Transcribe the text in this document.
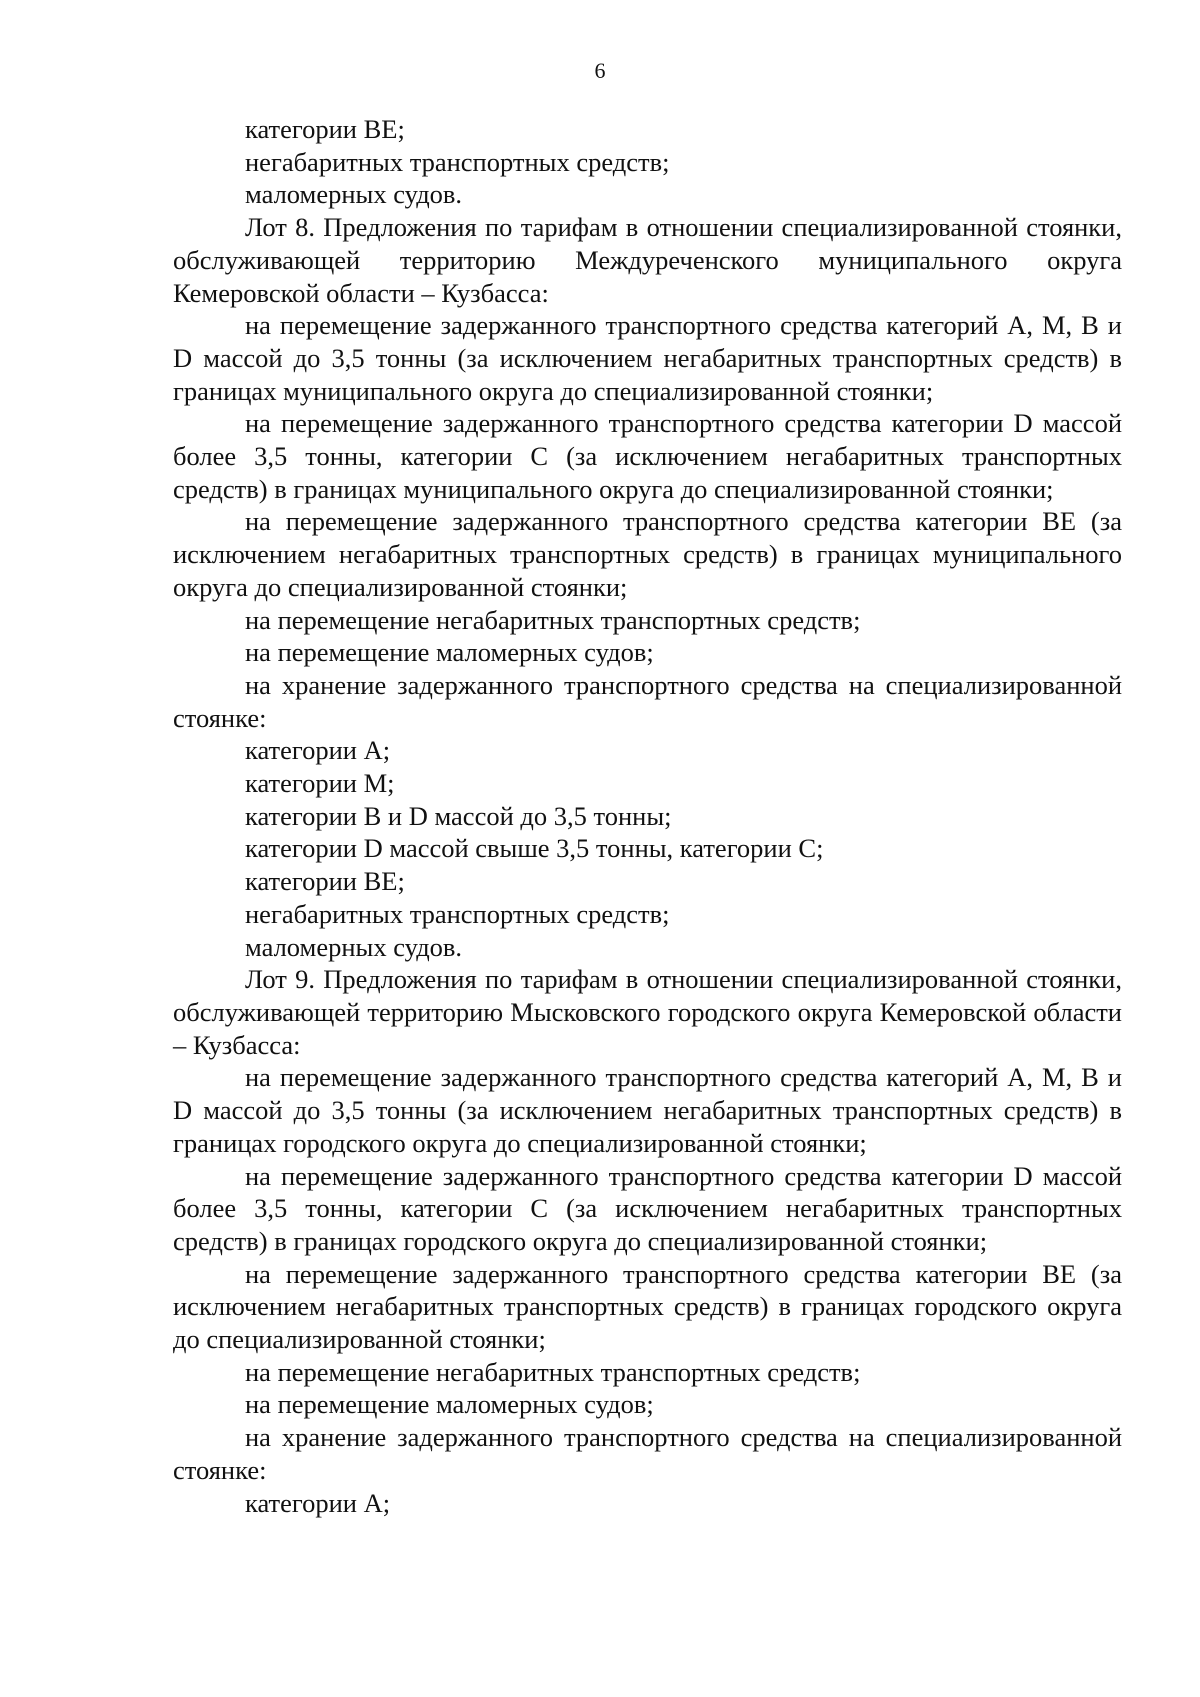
6

категории BE;

негабаритных транспортных средств;

маломерных судов.

Лот 8. Предложения по тарифам в отношении специализированной стоянки, обслуживающей территорию Междуреченского муниципального округа Кемеровской области – Кузбасса:

на перемещение задержанного транспортного средства категорий A, M, B и D массой до 3,5 тонны (за исключением негабаритных транспортных средств) в границах муниципального округа до специализированной стоянки;

на перемещение задержанного транспортного средства категории D массой более 3,5 тонны, категории C (за исключением негабаритных транспортных средств) в границах муниципального округа до специализированной стоянки;

на перемещение задержанного транспортного средства категории BE (за исключением негабаритных транспортных средств) в границах муниципального округа до специализированной стоянки;

на перемещение негабаритных транспортных средств;

на перемещение маломерных судов;

на хранение задержанного транспортного средства на специализированной стоянке:

категории A;

категории M;

категории B и D массой до 3,5 тонны;

категории D массой свыше 3,5 тонны, категории C;

категории BE;

негабаритных транспортных средств;

маломерных судов.

Лот 9. Предложения по тарифам в отношении специализированной стоянки, обслуживающей территорию Мысковского городского округа Кемеровской области – Кузбасса:

на перемещение задержанного транспортного средства категорий A, M, B и D массой до 3,5 тонны (за исключением негабаритных транспортных средств) в границах городского округа до специализированной стоянки;

на перемещение задержанного транспортного средства категории D массой более 3,5 тонны, категории C (за исключением негабаритных транспортных средств) в границах городского округа до специализированной стоянки;

на перемещение задержанного транспортного средства категории BE (за исключением негабаритных транспортных средств) в границах городского округа до специализированной стоянки;

на перемещение негабаритных транспортных средств;

на перемещение маломерных судов;

на хранение задержанного транспортного средства на специализированной стоянке:

категории A;
